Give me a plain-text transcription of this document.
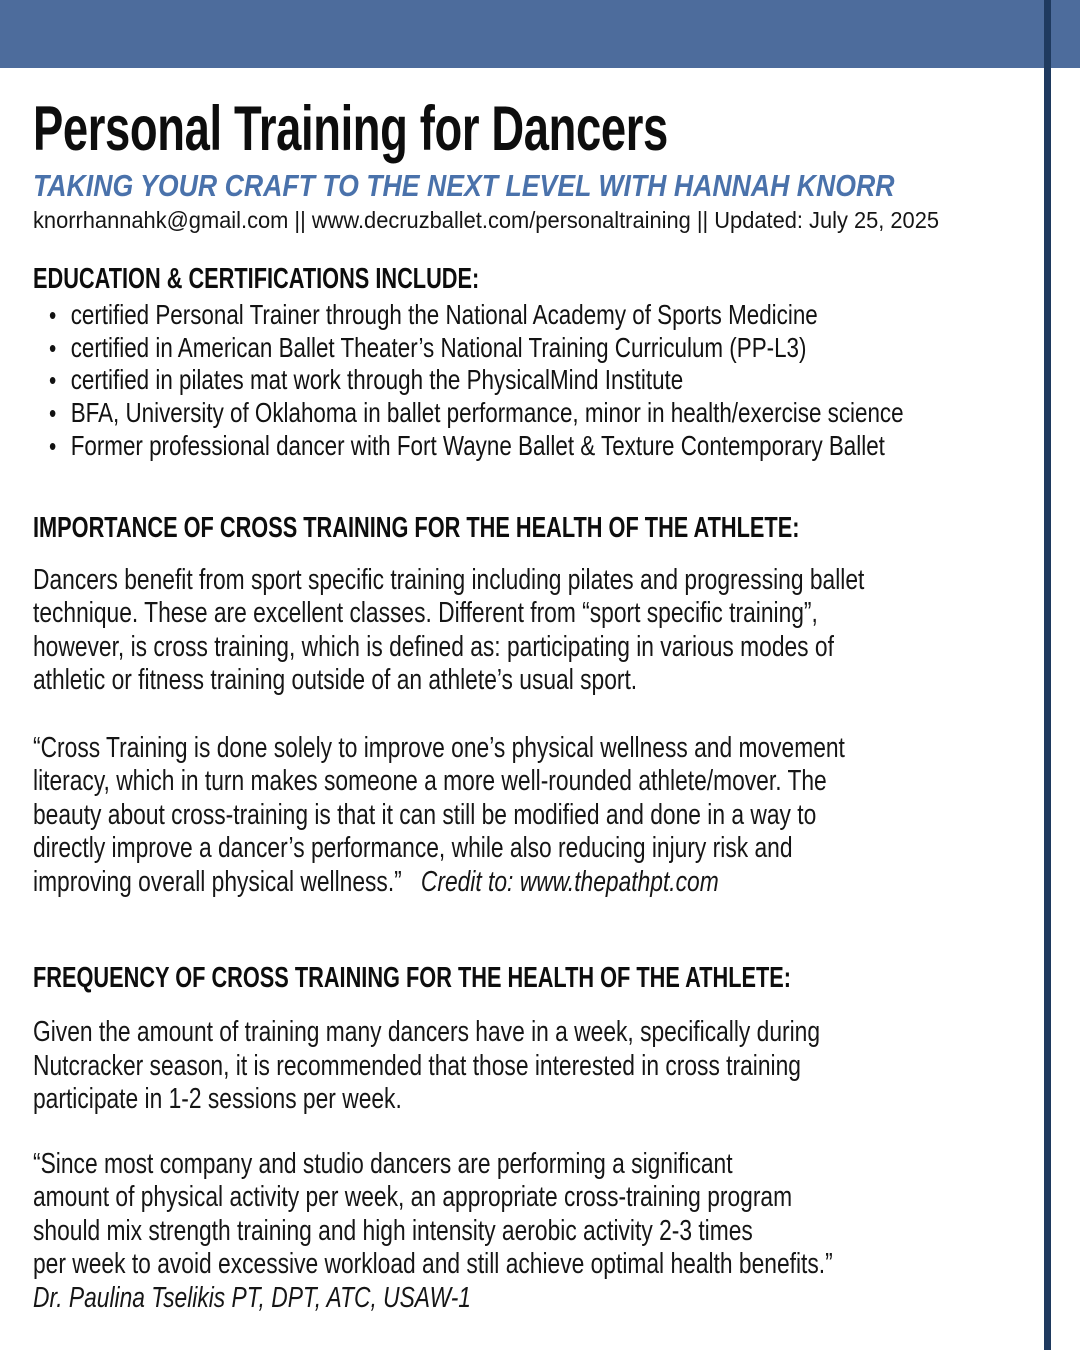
Personal Training for Dancers
TAKING YOUR CRAFT TO THE NEXT LEVEL WITH HANNAH KNORR
knorrhannahk@gmail.com || www.decruzballet.com/personaltraining || Updated: July 25, 2025
EDUCATION & CERTIFICATIONS INCLUDE:
• certified Personal Trainer through the National Academy of Sports Medicine
• certified in American Ballet Theater’s National Training Curriculum (PP-L3)
• certified in pilates mat work through the PhysicalMind Institute
• BFA, University of Oklahoma in ballet performance, minor in health/exercise science
• Former professional dancer with Fort Wayne Ballet & Texture Contemporary Ballet
IMPORTANCE OF CROSS TRAINING FOR THE HEALTH OF THE ATHLETE:
Dancers benefit from sport specific training including pilates and progressing ballet
technique. These are excellent classes. Different from “sport specific training”,
however, is cross training, which is defined as: participating in various modes of
athletic or fitness training outside of an athlete’s usual sport.
“Cross Training is done solely to improve one’s physical wellness and movement
literacy, which in turn makes someone a more well-rounded athlete/mover. The
beauty about cross-training is that it can still be modified and done in a way to
directly improve a dancer’s performance, while also reducing injury risk and
improving overall physical wellness.” Credit to: www.thepathpt.com
FREQUENCY OF CROSS TRAINING FOR THE HEALTH OF THE ATHLETE:
Given the amount of training many dancers have in a week, specifically during
Nutcracker season, it is recommended that those interested in cross training
participate in 1-2 sessions per week.
“Since most company and studio dancers are performing a significant
amount of physical activity per week, an appropriate cross-training program
should mix strength training and high intensity aerobic activity 2-3 times
per week to avoid excessive workload and still achieve optimal health benefits.”
Dr. Paulina Tselikis PT, DPT, ATC, USAW-1
